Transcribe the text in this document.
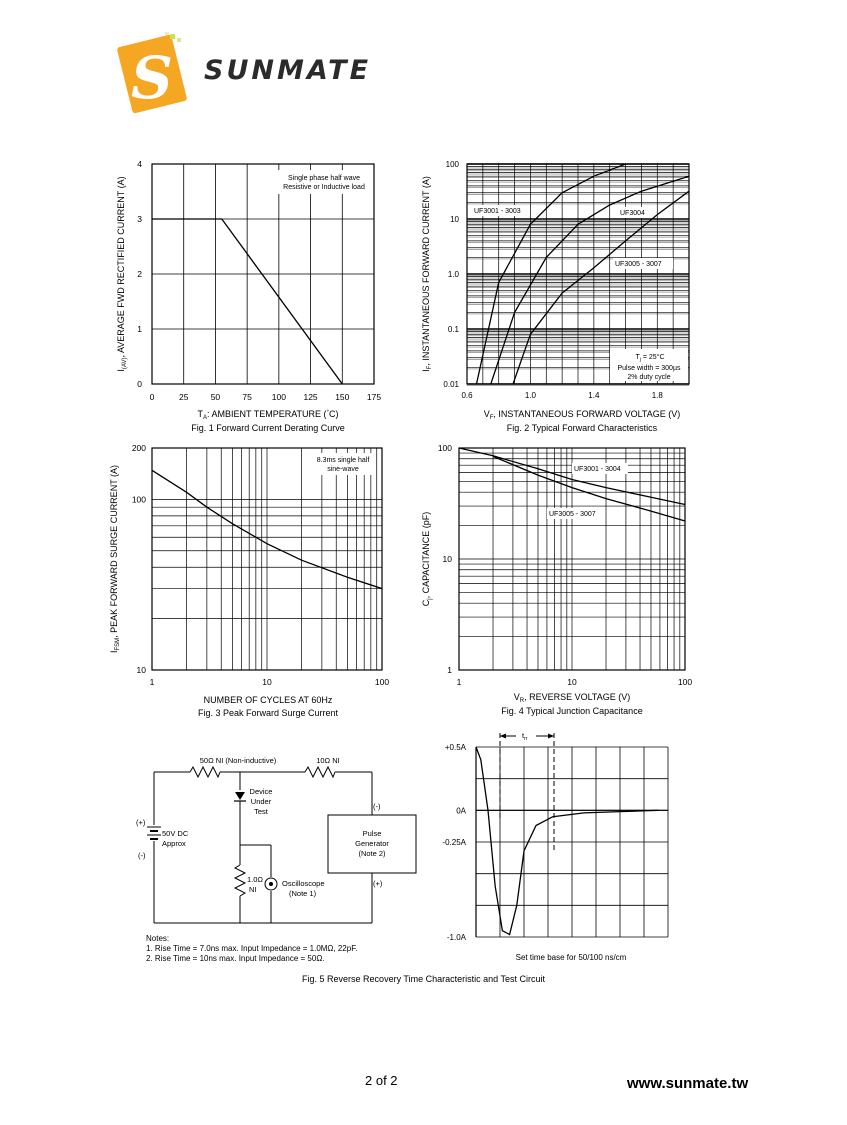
S SUNMATE
0	25	50	75 100 125 150 175
0
1
2
3
4
Single phase half wave
Resistive or Inductive load
$I_{(AV)}$, AVERAGE FWD RECTIFIED CURRENT (A)
$T_A$: AMBIENT TEMPERATURE (°C)
Fig. 1 Forward Current Derating Curve
0.6	1.0	1.4	1.8
0.01
0.1
1.0
10
100
UF3001 - 3003	UF3004
UF3005 - 3007
$T_j = 25^\circ C$
Pulse width = 300µs
2% duty cycle
$I_F$, INSTANTANEOUS FORWARD CURRENT (A)
$V_F$, INSTANTANEOUS FORWARD VOLTAGE (V)
Fig. 2 Typical Forward Characteristics
1	10	100
10
100
200
8.3ms single half
sine-wave
$I_{FSM}$, PEAK FORWARD SURGE CURRENT (A)
NUMBER OF CYCLES AT 60Hz
Fig. 3 Peak Forward Surge Current
1	10	100
1
10
100
UF3001 - 3004
UF3005 - 3007
$C_j$, CAPACITANCE (pF)
$V_R$, REVERSE VOLTAGE (V)
Fig. 4 Typical Junction Capacitance
50Ω NI (Non-inductive)	10Ω NI
Device
Under
Test
(+)
(-)
50V DC
Approx
(-)
(+)
Pulse
Generator
(Note 2)
1.0Ω
NI
Oscilloscope
(Note 1)
Notes:
1. Rise Time = 7.0ns max. Input Impedance = 1.0MΩ, 22pF.
2. Rise Time = 10ns max. Input Impedance = 50Ω.
+0.5A
0A
-0.25A
-1.0A
$t_{rr}$
Set time base for 50/100 ns/cm
Fig. 5 Reverse Recovery Time Characteristic and Test Circuit
2 of 2	www.sunmate.tw
